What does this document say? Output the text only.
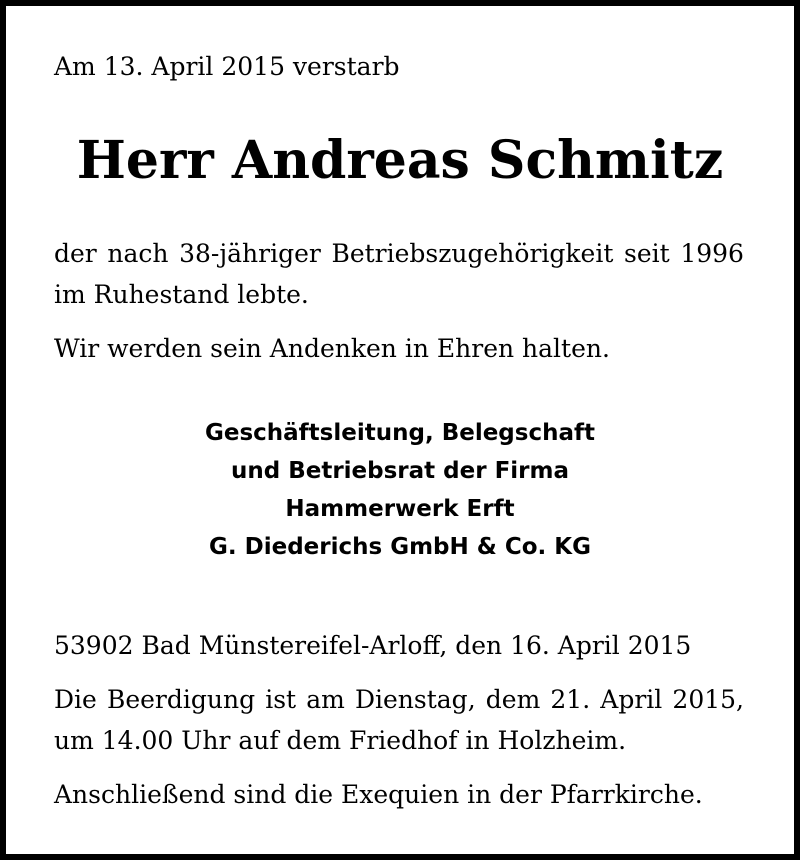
Am 13. April 2015 verstarb

Herr Andreas Schmitz

der nach 38-jähriger Betriebszugehörigkeit seit 1996

im Ruhestand lebte.

Wir werden sein Andenken in Ehren halten.

Geschäftsleitung, Belegschaft

und Betriebsrat der Firma

Hammerwerk Erft

G. Diederichs GmbH & Co. KG

53902 Bad Münstereifel-Arloff, den 16. April 2015

Die Beerdigung ist am Dienstag, dem 21. April 2015,

um 14.00 Uhr auf dem Friedhof in Holzheim.

Anschließend sind die Exequien in der Pfarrkirche.
